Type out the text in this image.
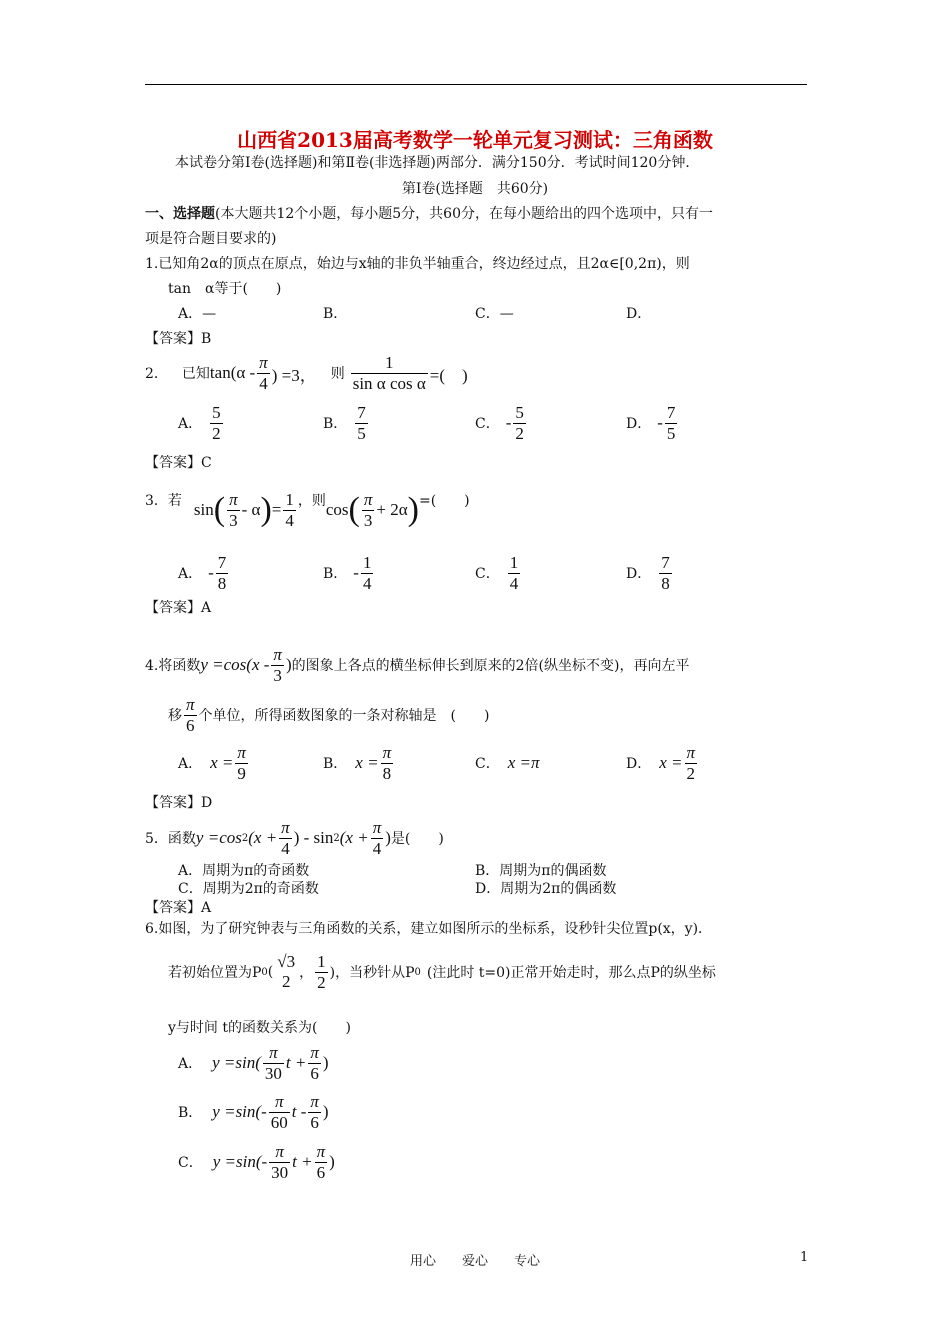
山西省2013届高考数学一轮单元复习测试：三角函数
本试卷分第Ⅰ卷(选择题)和第Ⅱ卷(非选择题)两部分．满分150分．考试时间120分钟．
第Ⅰ卷(选择题　共60分)
一、选择题(本大题共12个小题，每小题5分，共60分，在每小题给出的四个选项中，只有一
项是符合题目要求的)
1.已知角2α的顶点在原点，始边与x轴的非负半轴重合，终边经过点，且2α∈[0,2π)，则
tan　α等于(　　)
A．—	B．	C．—	D．
【答案】B
2． 已知 $\tan(\alpha - \frac{\pi}{4}$ ) =3， 则 $\frac{1}{\text{sin α cos α}}$ =(　)
A． $\frac{5}{2}$	B． $\frac{7}{5}$	C． - $\frac{5}{2}$	D． - $\frac{7}{5}$
【答案】C
3．若 sin ( $\frac{\pi}{3}$ - α ) = $\frac{1}{4}$ ，则 cos ( $\frac{\pi}{3} + 2\alpha$ ) =(　　)
A． - $\frac{7}{8}$	B． - $\frac{1}{4}$	C． $\frac{1}{4}$	D． $\frac{7}{8}$
【答案】A
4.将函数 $y =\cos(x - \frac{\pi}{3}$ ) 的图象上各点的横坐标伸长到原来的2倍(纵坐标不变)，再向左平
移 $\frac{\pi}{6}$ 个单位，所得函数图象的一条对称轴是　(　　)
A． $x = \frac{\pi}{9}$	B． $x = \frac{\pi}{8}$	C． x =π	D． $x = \frac{\pi}{2}$
【答案】D
5．函数 y =cos 2 ($x + \frac{\pi}{4}$ ) - sin 2 ($x + \frac{\pi}{4}$ ) 是(　　)
A．周期为π的奇函数	B．周期为π的偶函数
C．周期为2π的奇函数	D．周期为2π的偶函数
【答案】A
6.如图，为了研究钟表与三角函数的关系，建立如图所示的坐标系，设秒针尖位置p(x，y)．
若初始位置为P 0 (
√3
2 ， $\frac{1}{2}$ )，当秒针从P 0 (注此时 t=0)正常开始走时，那么点P的纵坐标
y与时间 t的函数关系为(　　)
A． $y =\sin( \frac{\pi}{30}$ $t + \frac{\pi}{6}$ )
B． $y =\sin(- \frac{\pi}{60}$ t - $\frac{\pi}{6}$ )
C． $y =\sin(- \frac{\pi}{30}$ $t + \frac{\pi}{6}$ )
用心　　爱心　　专心	1
